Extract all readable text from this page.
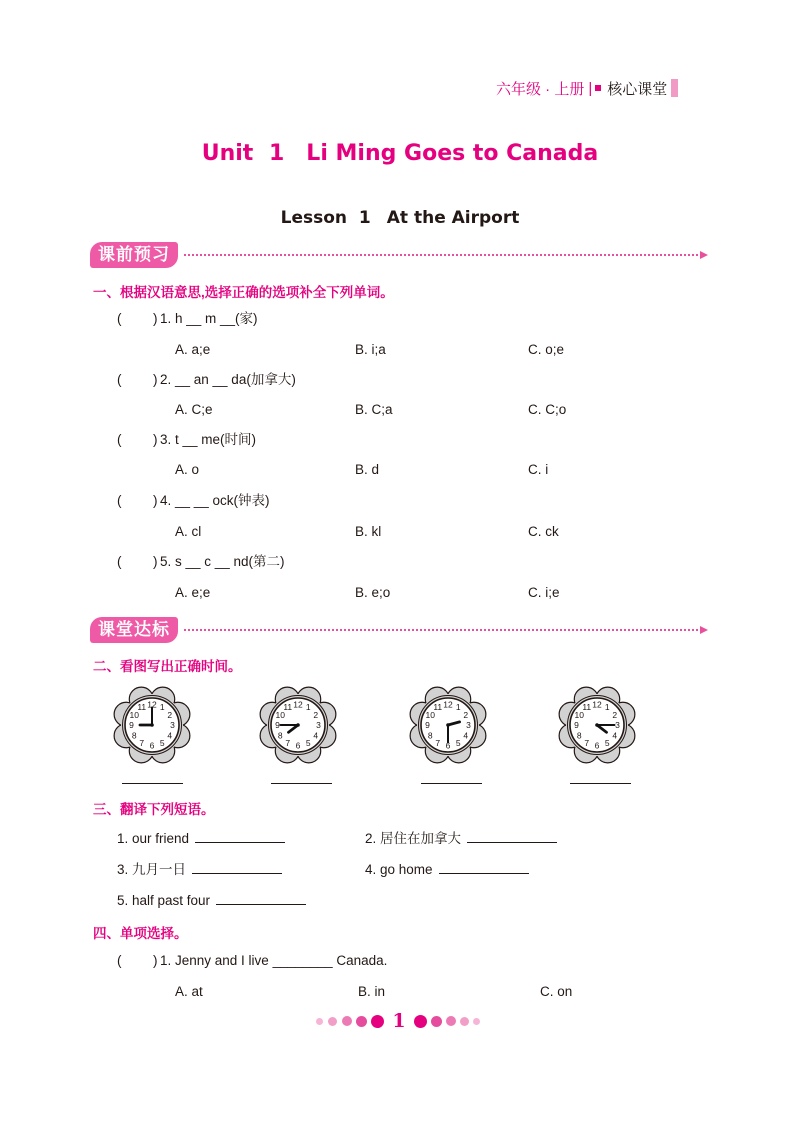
六年级 · 上册 | 核心课堂
Unit 1 Li Ming Goes to Canada
Lesson 1 At the Airport
课前预习
一、根据汉语意思,选择正确的选项补全下列单词。
( ) 1. h __ m __(家)
A. a;e	B. i;a	C. o;e
( ) 2. __ an __ da(加拿大)
A. C;e	B. C;a	C. C;o
( ) 3. t __ me(时间)
A. o	B. d	C. i
( ) 4. __ __ ock(钟表)
A. cl	B. kl	C. ck
( ) 5. s __ c __ nd(第二)
A. e;e	B. e;o	C. i;e
课堂达标
二、看图写出正确时间。
12 1
2
3
4
5
6
7
8
9
10
11	12 1
2
3
4
5
6
7
8
9
10
11	12 1
2
3
4
5
6
7
8
9
10
11	12 1
2
3
4
5
6
7
8
9
10
11
三、翻译下列短语。
1. our friend	2. 居住在加拿大
3. 九月一日	4. go home
5. half past four
四、单项选择。
( ) 1. Jenny and I live ________ Canada.
A. at	B. in	C. on
1
